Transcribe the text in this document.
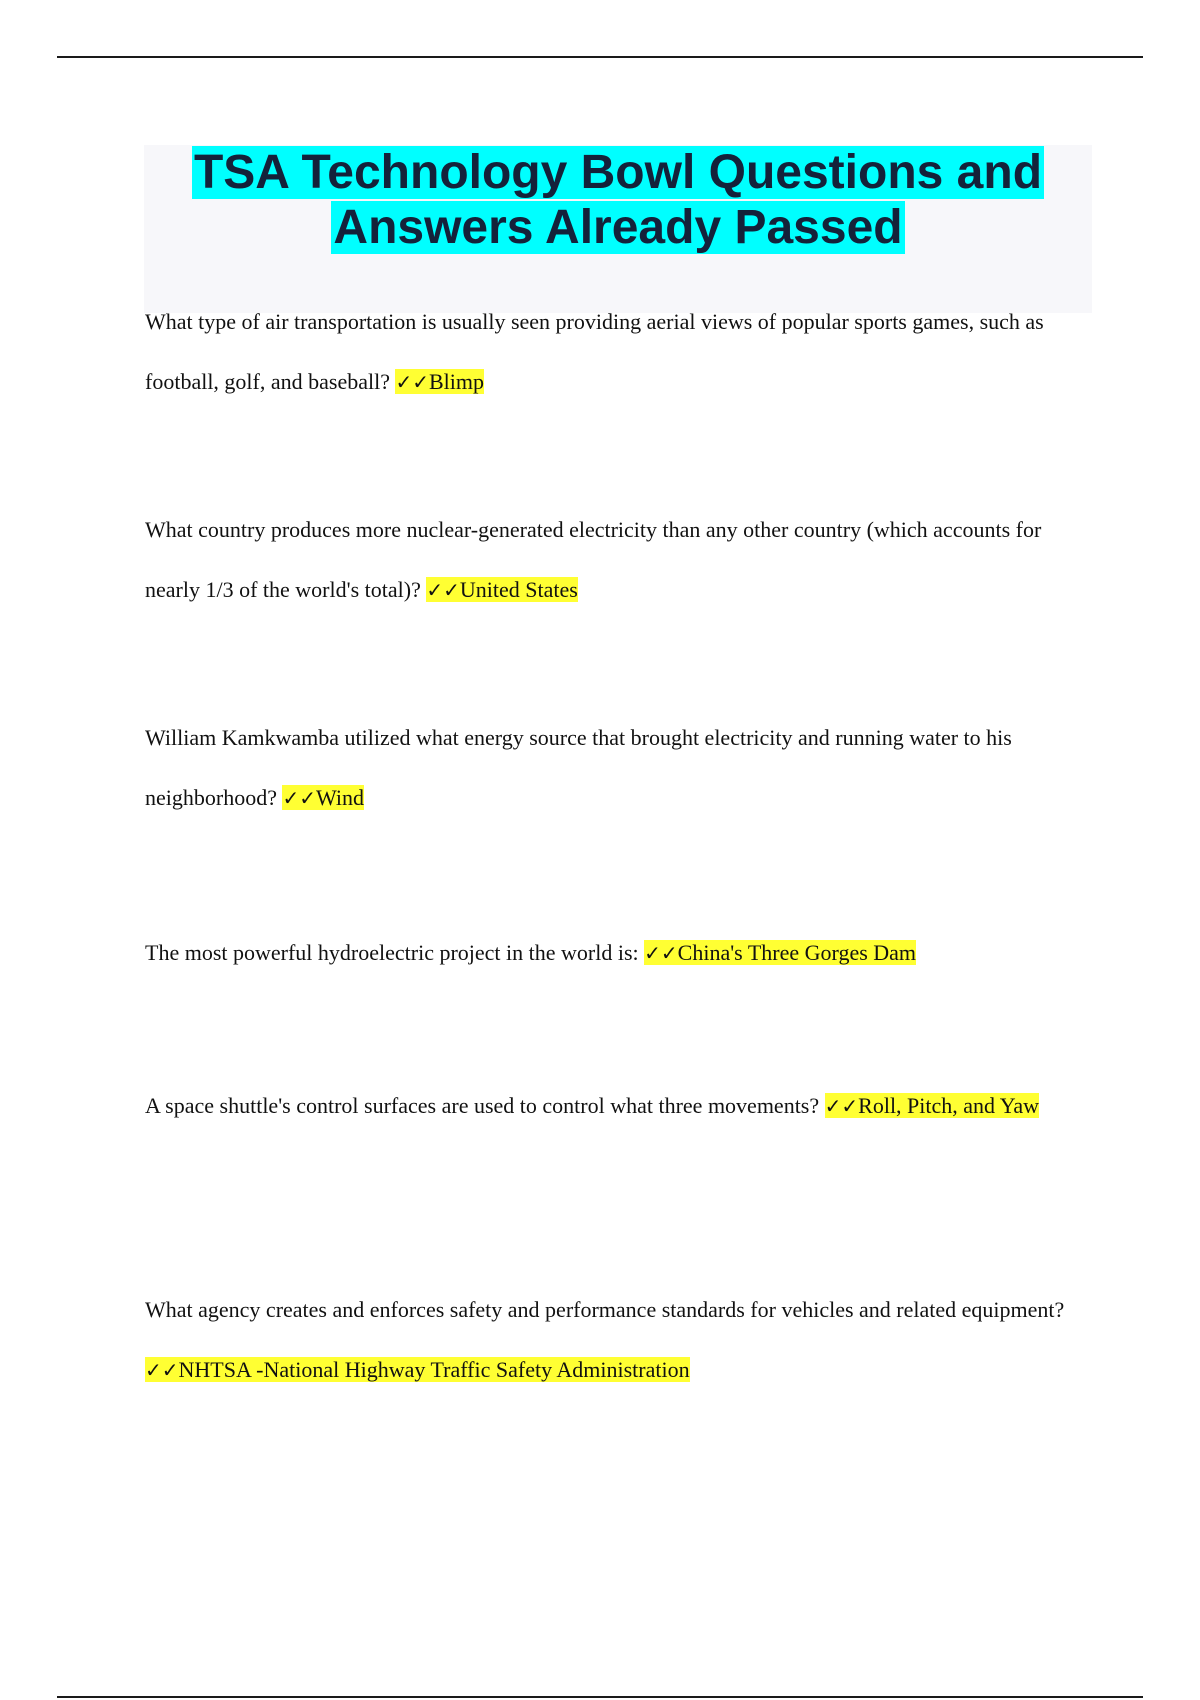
TSA Technology Bowl Questions and Answers Already Passed

What type of air transportation is usually seen providing aerial views of popular sports games, such as football, golf, and baseball? ✓✓Blimp

What country produces more nuclear-generated electricity than any other country (which accounts for nearly 1/3 of the world's total)? ✓✓United States

William Kamkwamba utilized what energy source that brought electricity and running water to his neighborhood? ✓✓Wind

The most powerful hydroelectric project in the world is: ✓✓China's Three Gorges Dam

A space shuttle's control surfaces are used to control what three movements? ✓✓Roll, Pitch, and Yaw

What agency creates and enforces safety and performance standards for vehicles and related equipment? ✓✓NHTSA -National Highway Traffic Safety Administration
